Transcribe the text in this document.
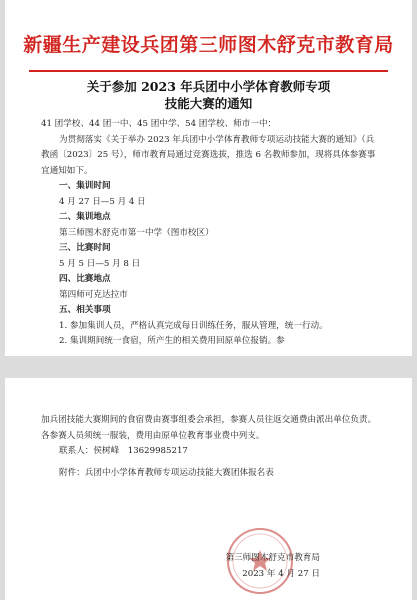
新疆生产建设兵团第三师图木舒克市教育局
关于参加 2023 年兵团中小学体育教师专项
技能大赛的通知

41 团学校、44 团一中、45 团中学、54 团学校、师市一中：

为贯彻落实《关于举办 2023 年兵团中小学体育教师专项运动技能大赛的通知》（兵教函〔2023〕25 号），师市教育局通过竞赛选拔，推选 6 名教师参加，现将具体参赛事宜通知如下。

一、集训时间

4 月 27 日—5 月 4 日

二、集训地点

第三师图木舒克市第一中学（图市校区）

三、比赛时间

5 月 5 日—5 月 8 日

四、比赛地点

第四师可克达拉市

五、相关事项

1. 参加集训人员，严格认真完成每日训练任务，服从管理，统一行动。

2. 集训期间统一食宿，所产生的相关费用回原单位报销。参

加兵团技能大赛期间的食宿费由赛事组委会承担，参赛人员往返交通费由派出单位负责。各参赛人员须统一服装，费用由原单位教育事业费中列支。

联系人：侯树峰　13629985217

附件：兵团中小学体育教师专项运动技能大赛团体报名表

第三师图木舒克市教育局
2023 年 4 月 27 日
